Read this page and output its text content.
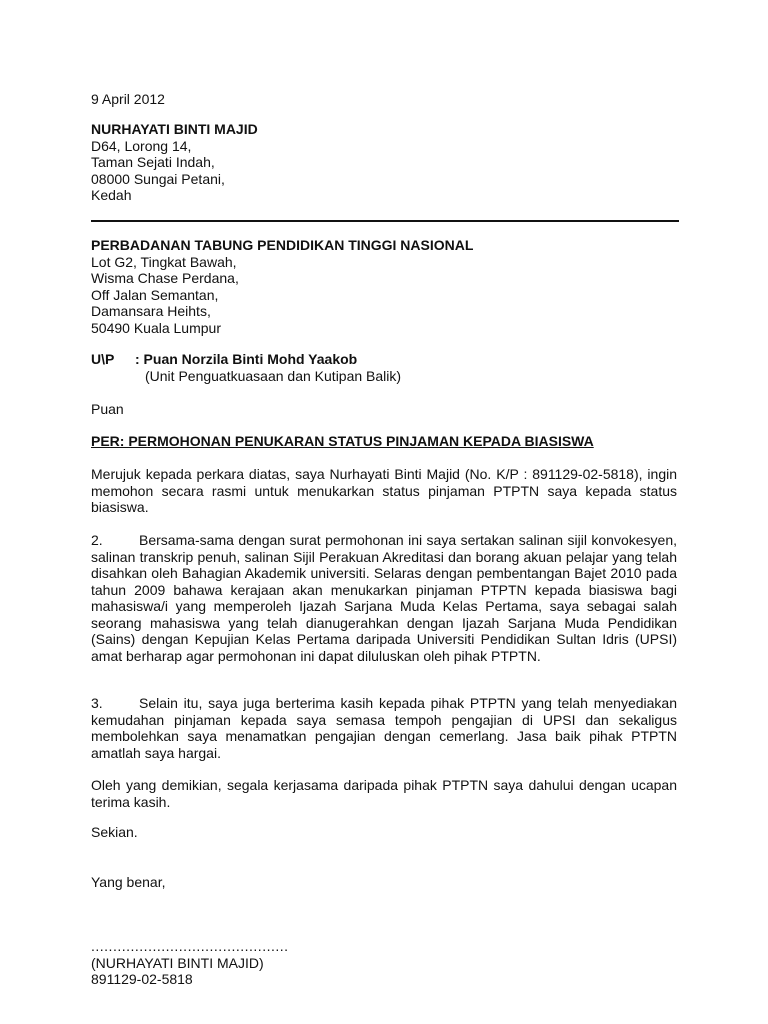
9 April 2012
NURHAYATI BINTI MAJID
D64, Lorong 14,
Taman Sejati Indah,
08000 Sungai Petani,
Kedah
PERBADANAN TABUNG PENDIDIKAN TINGGI NASIONAL
Lot G2, Tingkat Bawah,
Wisma Chase Perdana,
Off Jalan Semantan,
Damansara Heihts,
50490 Kuala Lumpur
U\P : Puan Norzila Binti Mohd Yaakob
(Unit Penguatkuasaan dan Kutipan Balik)
Puan
PER: PERMOHONAN PENUKARAN STATUS PINJAMAN KEPADA BIASISWA
Merujuk kepada perkara diatas, saya Nurhayati Binti Majid (No. K/P : 891129-02-5818), ingin memohon secara rasmi untuk menukarkan status pinjaman PTPTN saya kepada status biasiswa.
2.	Bersama-sama dengan surat permohonan ini saya sertakan salinan sijil konvokesyen, salinan transkrip penuh, salinan Sijil Perakuan Akreditasi dan borang akuan pelajar yang telah disahkan oleh Bahagian Akademik universiti. Selaras dengan pembentangan Bajet 2010 pada tahun 2009 bahawa kerajaan akan menukarkan pinjaman PTPTN kepada biasiswa bagi mahasiswa/i yang memperoleh Ijazah Sarjana Muda Kelas Pertama, saya sebagai salah seorang mahasiswa yang telah dianugerahkan dengan Ijazah Sarjana Muda Pendidikan (Sains) dengan Kepujian Kelas Pertama daripada Universiti Pendidikan Sultan Idris (UPSI) amat berharap agar permohonan ini dapat diluluskan oleh pihak PTPTN.
3.	Selain itu, saya juga berterima kasih kepada pihak PTPTN yang telah menyediakan kemudahan pinjaman kepada saya semasa tempoh pengajian di UPSI dan sekaligus membolehkan saya menamatkan pengajian dengan cemerlang. Jasa baik pihak PTPTN amatlah saya hargai.
Oleh yang demikian, segala kerjasama daripada pihak PTPTN saya dahului dengan ucapan terima kasih.
Sekian.
Yang benar,
.............................................
(NURHAYATI BINTI MAJID)
891129-02-5818
